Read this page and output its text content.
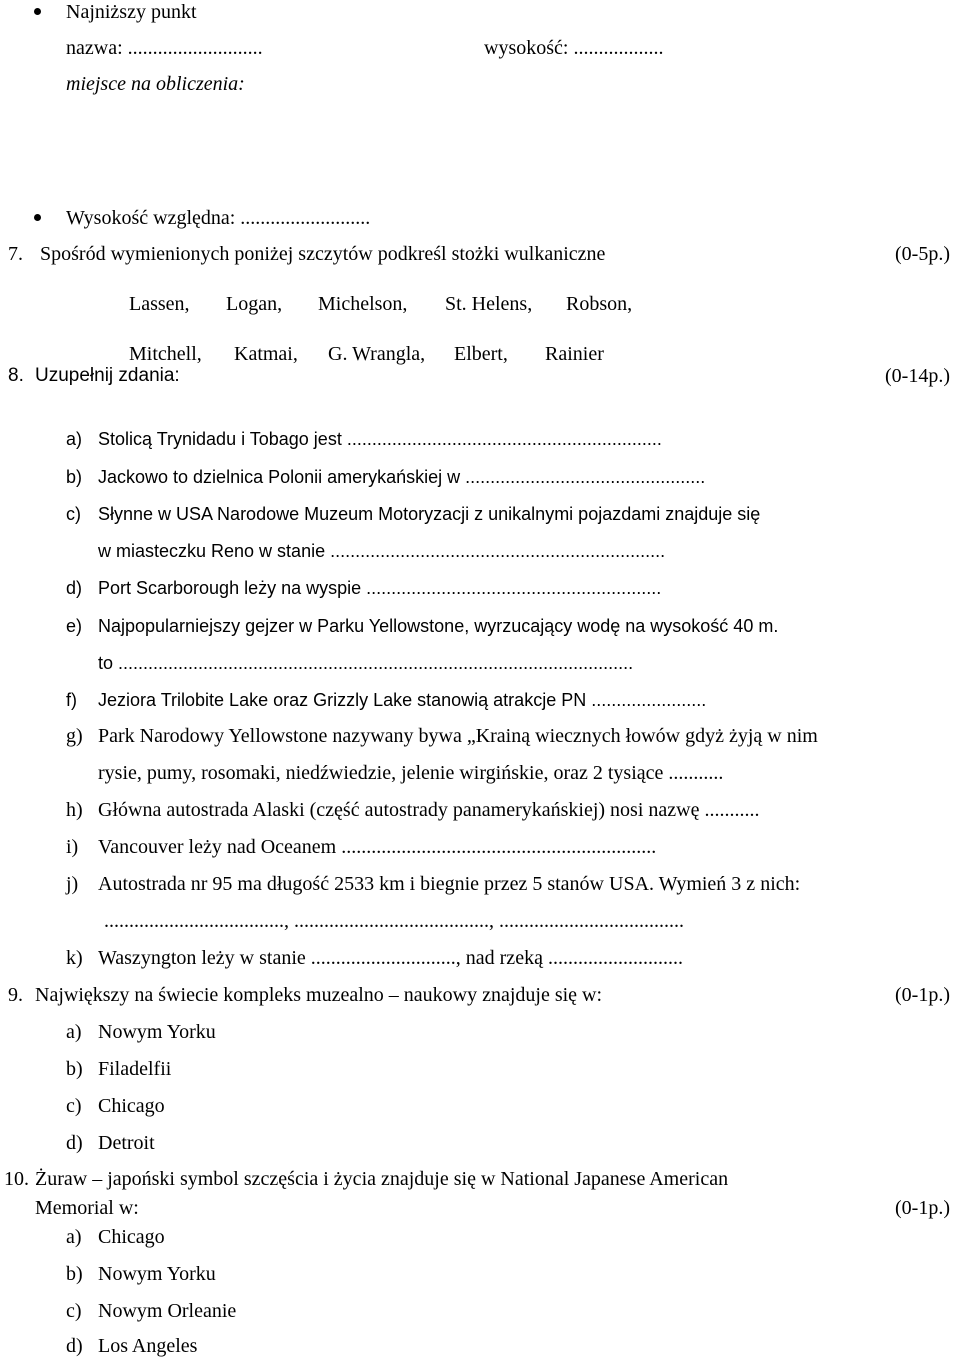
Najniższy punkt
nazwa: ...........................	wysokość: ..................
miejsce na obliczenia:
Wysokość względna: ..........................
7. Spośród wymienionych poniżej szczytów podkreśl stożki wulkaniczne	(0-5p.)
Lassen, Logan, Michelson, St. Helens, Robson,
Mitchell, Katmai, G. Wrangla, Elbert, Rainier
8. Uzupełnij zdania:	(0-14p.)
a) Stolicą Trynidadu i Tobago jest ...............................................................
b) Jackowo to dzielnica Polonii amerykańskiej w ................................................
c) Słynne w USA Narodowe Muzeum Motoryzacji z unikalnymi pojazdami znajduje się
w miasteczku Reno w stanie ...................................................................
d) Port Scarborough leży na wyspie ...........................................................
e) Najpopularniejszy gejzer w Parku Yellowstone, wyrzucający wodę na wysokość 40 m.
to .......................................................................................................
f) Jeziora Trilobite Lake oraz Grizzly Lake stanowią atrakcje PN .......................
g) Park Narodowy Yellowstone nazywany bywa „Krainą wiecznych łowów gdyż żyją w nim
rysie, pumy, rosomaki, niedźwiedzie, jelenie wirgińskie, oraz 2 tysiące ...........
h) Główna autostrada Alaski (część autostrady panamerykańskiej) nosi nazwę ...........
i) Vancouver leży nad Oceanem ...............................................................
j) Autostrada nr 95 ma długość 2533 km i biegnie przez 5 stanów USA. Wymień 3 z nich:
...................................., ......................................., .....................................
k) Waszyngton leży w stanie ............................., nad rzeką ...........................
9. Największy na świecie kompleks muzealno – naukowy znajduje się w:	(0-1p.)
a) Nowym Yorku
b) Filadelfii
c) Chicago
d) Detroit
10. Żuraw – japoński symbol szczęścia i życia znajduje się w National Japanese American
Memorial w:	(0-1p.)
a) Chicago
b) Nowym Yorku
c) Nowym Orleanie
d) Los Angeles
